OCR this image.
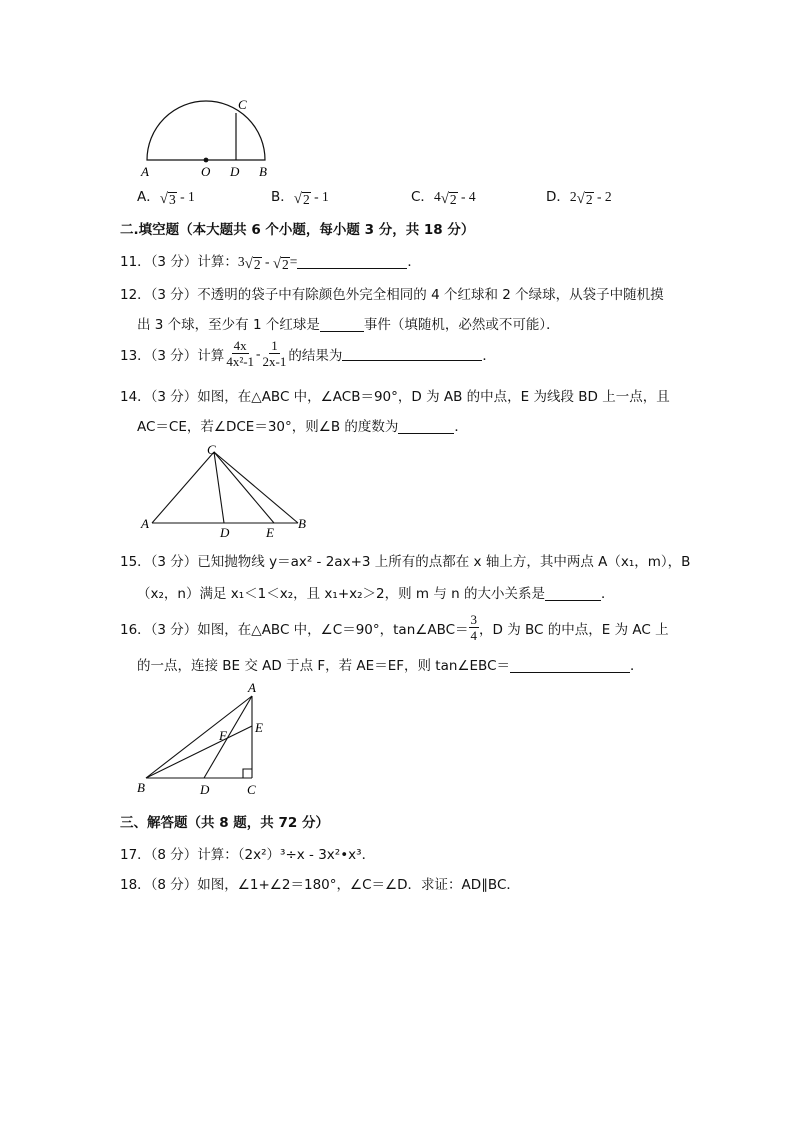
A	O D B
C
A． √ 3 - 1	B． √ 2 - 1	C．4 √ 2 - 4	D．2 √ 2 - 2
二.填空题（本大题共 6 个小题，每小题 3 分，共 18 分）
11．（3 分）计算：3 √ 2 - √ 2 =	．
12．（3 分）不透明的袋子中有除颜色外完全相同的 4 个红球和 2 个绿球，从袋子中随机摸
出 3 个球，至少有 1 个红球是	事件（填随机，必然或不可能）．
13．（3 分）计算 $\frac{4x}{\text{4x²-1}} - \frac{1}{2x-1}$ 的结果为	．
14．（3 分）如图，在△ABC 中，∠ACB＝90°，D 为 AB 的中点，E 为线段 BD 上一点，且
AC＝CE，若∠DCE＝30°，则∠B 的度数为	．
A
D	E
B
C
15．（3 分）已知抛物线 y＝ax² - 2ax+3 上所有的点都在 x 轴上方，其中两点 A（x₁，m），B
（x₂，n）满足 x₁＜1＜x₂，且 x₁+x₂＞2，则 m 与 n 的大小关系是	．
16．（3 分）如图，在△ABC 中，∠C＝90°，tan∠ABC＝ $\frac{3}{4}$ ，D 为 BC 的中点，E 为 AC 上
的一点，连接 BE 交 AD 于点 F，若 AE＝EF，则 tan∠EBC＝	．
A
E
F
B	D	C
三、解答题（共 8 题，共 72 分）
17．（8 分）计算：（2x²）³÷x - 3x²•x³．
18．（8 分）如图，∠1+∠2＝180°，∠C＝∠D．求证：AD∥BC．
